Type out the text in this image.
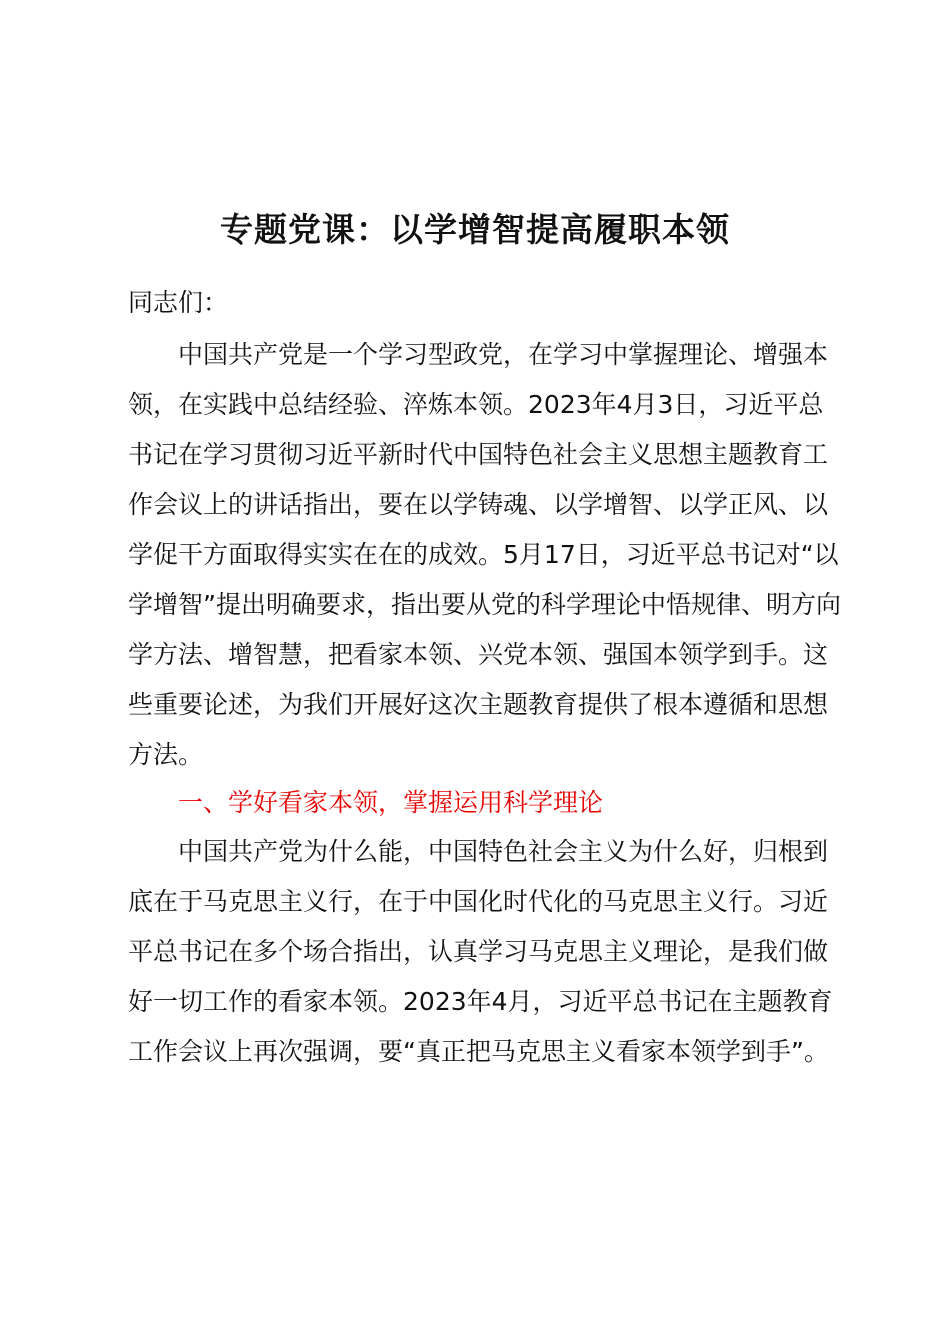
专题党课：以学增智提高履职本领

同志们：

中国共产党是一个学习型政党，在学习中掌握理论、增强本
领，在实践中总结经验、淬炼本领。2023年4月3日，习近平总
书记在学习贯彻习近平新时代中国特色社会主义思想主题教育工
作会议上的讲话指出，要在以学铸魂、以学增智、以学正风、以
学促干方面取得实实在在的成效。5月17日，习近平总书记对“以
学增智”提出明确要求，指出要从党的科学理论中悟规律、明方向
学方法、增智慧，把看家本领、兴党本领、强国本领学到手。这
些重要论述，为我们开展好这次主题教育提供了根本遵循和思想
方法。

一、学好看家本领，掌握运用科学理论

中国共产党为什么能，中国特色社会主义为什么好，归根到
底在于马克思主义行，在于中国化时代化的马克思主义行。习近
平总书记在多个场合指出，认真学习马克思主义理论，是我们做
好一切工作的看家本领。2023年4月，习近平总书记在主题教育
工作会议上再次强调，要“真正把马克思主义看家本领学到手”。
